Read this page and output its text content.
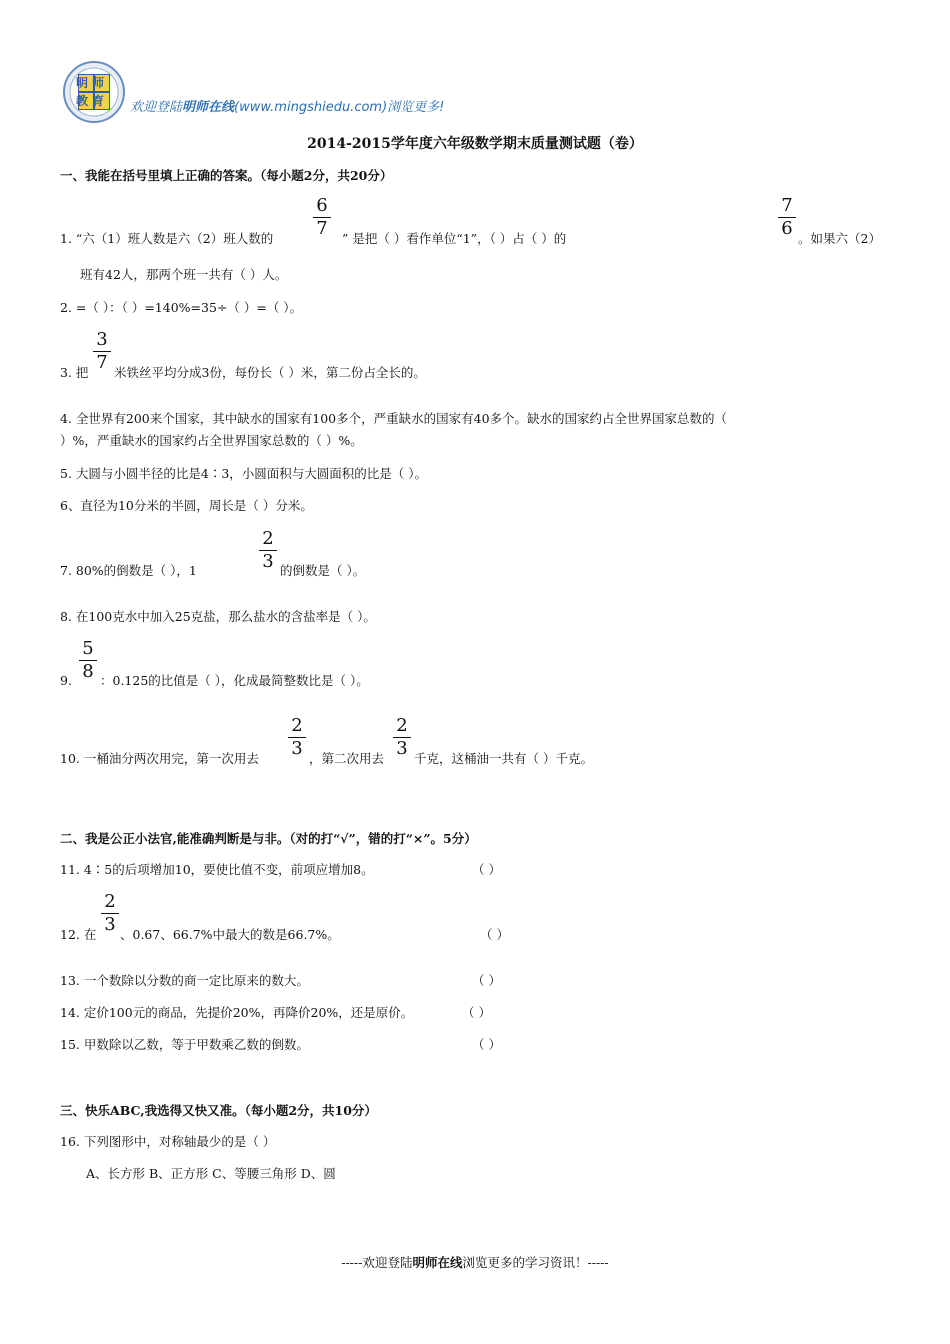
明师
教育 欢迎登陆明师在线(www.mingshiedu.com)浏览更多!
2014-2015学年度六年级数学期末质量测试题（卷）
一、我能在括号里填上正确的答案。（每小题2分，共20分）
1. “六（1）班人数是六（2）班人数的
6
7 ” 是把（ ）看作单位“1”，（ ）占（ ）的
7
6 。如果六（2）
班有42人，那两个班一共有（ ）人。
2. =（ ）：（ ）=140%=35÷（ ）=（ ）。
3. 把
3
7 米铁丝平均分成3份，每份长（ ）米，第二份占全长的。
4. 全世界有200来个国家，其中缺水的国家有100多个，严重缺水的国家有40多个。缺水的国家约占全世界国家总数的（
）%，严重缺水的国家约占全世界国家总数的（ ）%。
5. 大圆与小圆半径的比是4∶3，小圆面积与大圆面积的比是（ ）。
6、直径为10分米的半圆，周长是（ ）分米。
7. 80%的倒数是（ ），1
2
3 的倒数是（ ）。
8. 在100克水中加入25克盐，那么盐水的含盐率是（ ）。
9.
5
8 ：0.125的比值是（ ），化成最简整数比是（ ）。
10. 一桶油分两次用完，第一次用去
2
3 ，第二次用去
2
3 千克，这桶油一共有（ ）千克。
二、我是公正小法官,能准确判断是与非。（对的打“√”，错的打“×”。5分）
11. 4∶5的后项增加10，要使比值不变，前项应增加8。	（ ）
12. 在
2
3 、0.67、66.7%中最大的数是66.7%。	（ ）
13. 一个数除以分数的商一定比原来的数大。	（ ）
14. 定价100元的商品，先提价20%，再降价20%，还是原价。	（ ）
15. 甲数除以乙数，等于甲数乘乙数的倒数。	（ ）
三、快乐ABC,我选得又快又准。（每小题2分，共10分）
16. 下列图形中，对称轴最少的是（ ）
A、长方形 B、正方形 C、等腰三角形 D、圆
-----欢迎登陆明师在线浏览更多的学习资讯！-----
